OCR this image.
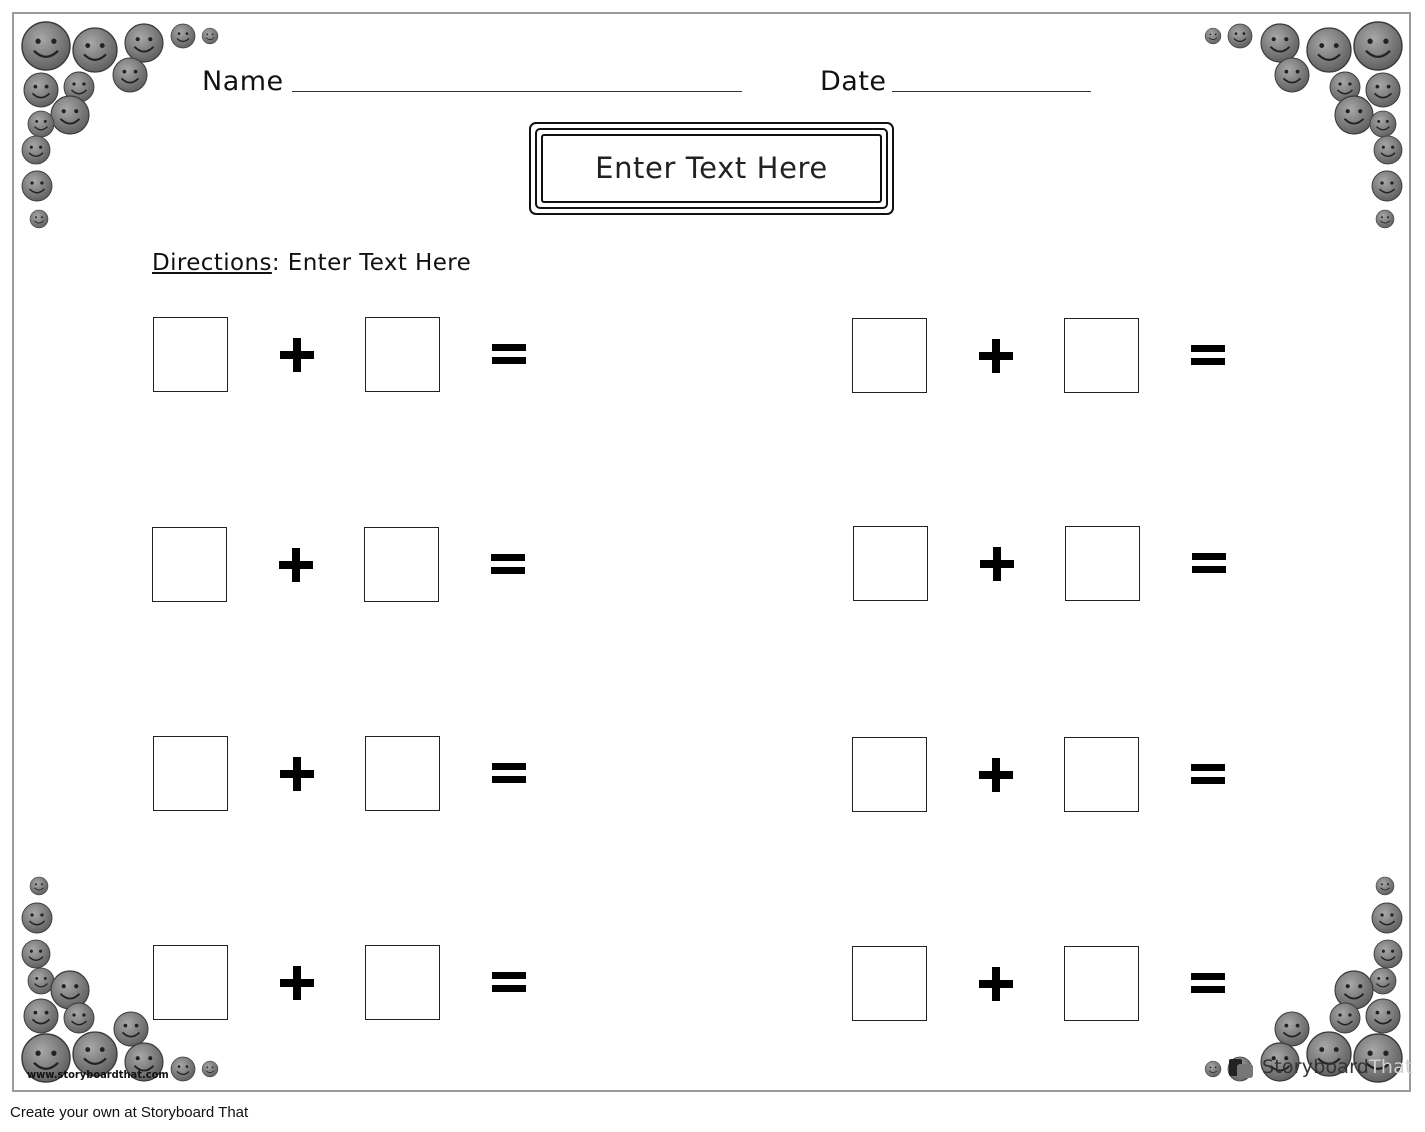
Name	Date
Enter Text Here
Directions: Enter Text Here
www.storyboardthat.com	StoryboardThat
Create your own at Storyboard That
